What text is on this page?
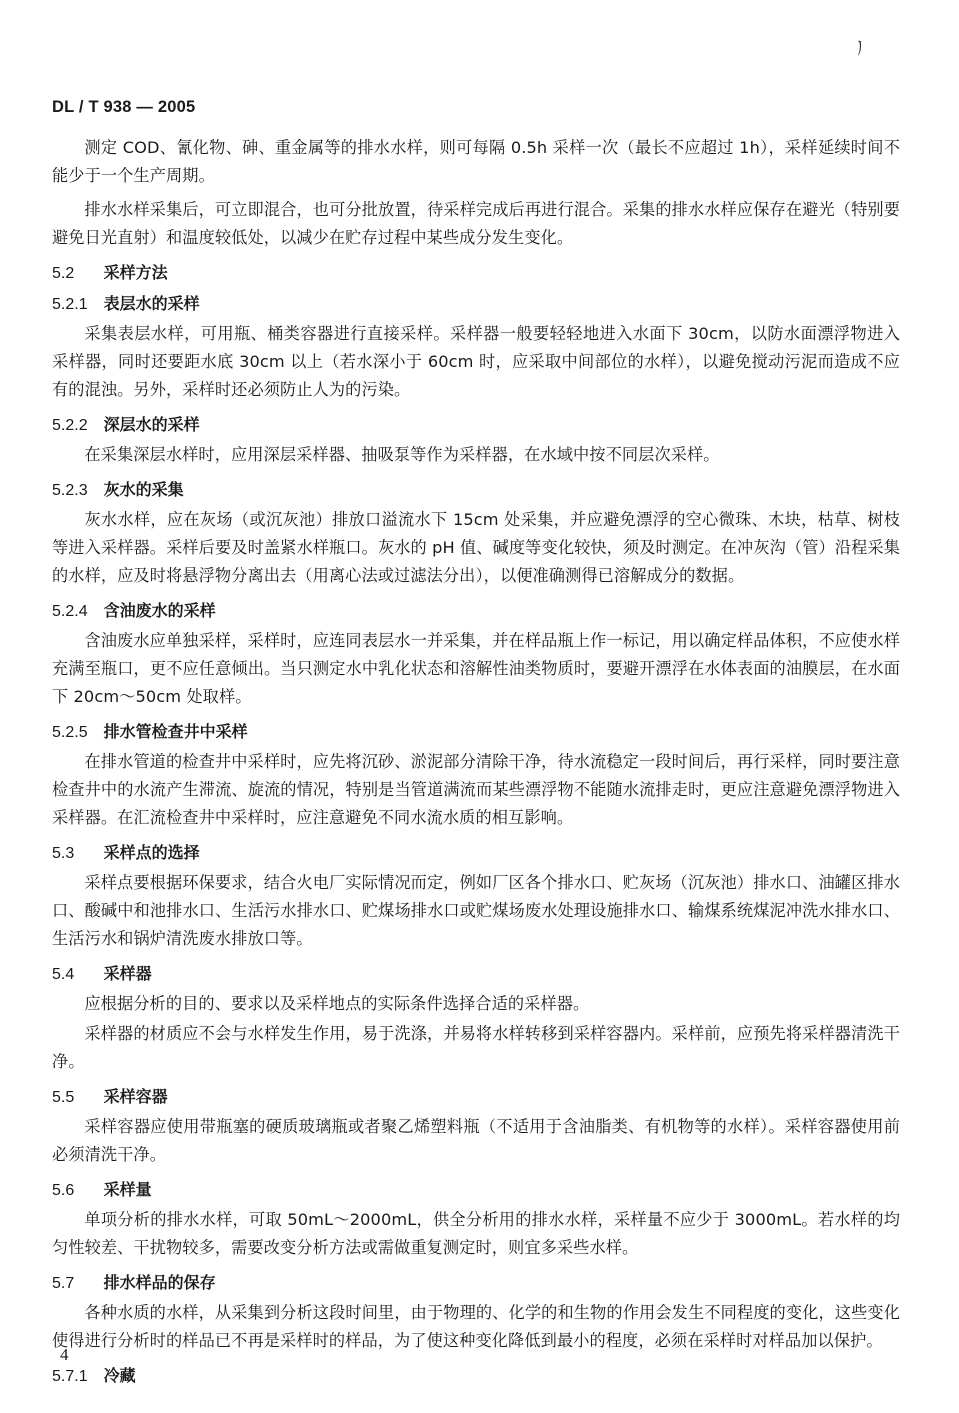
ﾉ
DL / T 938 — 2005

测定 COD、氰化物、砷、重金属等的排水水样，则可每隔 0.5h 采样一次（最长不应超过 1h），采样延续时间不能少于一个生产周期。

排水水样采集后，可立即混合，也可分批放置，待采样完成后再进行混合。采集的排水水样应保存在避光（特别要避免日光直射）和温度较低处，以减少在贮存过程中某些成分发生变化。

5.2 采样方法
5.2.1 表层水的采样

采集表层水样，可用瓶、桶类容器进行直接采样。采样器一般要轻轻地进入水面下 30cm，以防水面漂浮物进入采样器，同时还要距水底 30cm 以上（若水深小于 60cm 时，应采取中间部位的水样），以避免搅动污泥而造成不应有的混浊。另外，采样时还必须防止人为的污染。

5.2.2 深层水的采样

在采集深层水样时，应用深层采样器、抽吸泵等作为采样器，在水域中按不同层次采样。

5.2.3 灰水的采集

灰水水样，应在灰场（或沉灰池）排放口溢流水下 15cm 处采集，并应避免漂浮的空心微珠、木块，枯草、树枝等进入采样器。采样后要及时盖紧水样瓶口。灰水的 pH 值、碱度等变化较快，须及时测定。在冲灰沟（管）沿程采集的水样，应及时将悬浮物分离出去（用离心法或过滤法分出），以便准确测得已溶解成分的数据。

5.2.4 含油废水的采样

含油废水应单独采样，采样时，应连同表层水一并采集，并在样品瓶上作一标记，用以确定样品体积，不应使水样充满至瓶口，更不应任意倾出。当只测定水中乳化状态和溶解性油类物质时，要避开漂浮在水体表面的油膜层，在水面下 20cm～50cm 处取样。

5.2.5 排水管检查井中采样

在排水管道的检查井中采样时，应先将沉砂、淤泥部分清除干净，待水流稳定一段时间后，再行采样，同时要注意检查井中的水流产生滞流、旋流的情况，特别是当管道满流而某些漂浮物不能随水流排走时，更应注意避免漂浮物进入采样器。在汇流检查井中采样时，应注意避免不同水流水质的相互影响。

5.3 采样点的选择

采样点要根据环保要求，结合火电厂实际情况而定，例如厂区各个排水口、贮灰场（沉灰池）排水口、油罐区排水口、酸碱中和池排水口、生活污水排水口、贮煤场排水口或贮煤场废水处理设施排水口、输煤系统煤泥冲洗水排水口、生活污水和锅炉清洗废水排放口等。

5.4 采样器

应根据分析的目的、要求以及采样地点的实际条件选择合适的采样器。

采样器的材质应不会与水样发生作用，易于洗涤，并易将水样转移到采样容器内。采样前，应预先将采样器清洗干净。

5.5 采样容器

采样容器应使用带瓶塞的硬质玻璃瓶或者聚乙烯塑料瓶（不适用于含油脂类、有机物等的水样）。采样容器使用前必须清洗干净。

5.6 采样量

单项分析的排水水样，可取 50mL～2000mL，供全分析用的排水水样，采样量不应少于 3000mL。若水样的均匀性较差、干扰物较多，需要改变分析方法或需做重复测定时，则宜多采些水样。

5.7 排水样品的保存

各种水质的水样，从采集到分析这段时间里，由于物理的、化学的和生物的作用会发生不同程度的变化，这些变化使得进行分析时的样品已不再是采样时的样品，为了使这种变化降低到最小的程度，必须在采样时对样品加以保护。

5.7.1 冷藏
4
